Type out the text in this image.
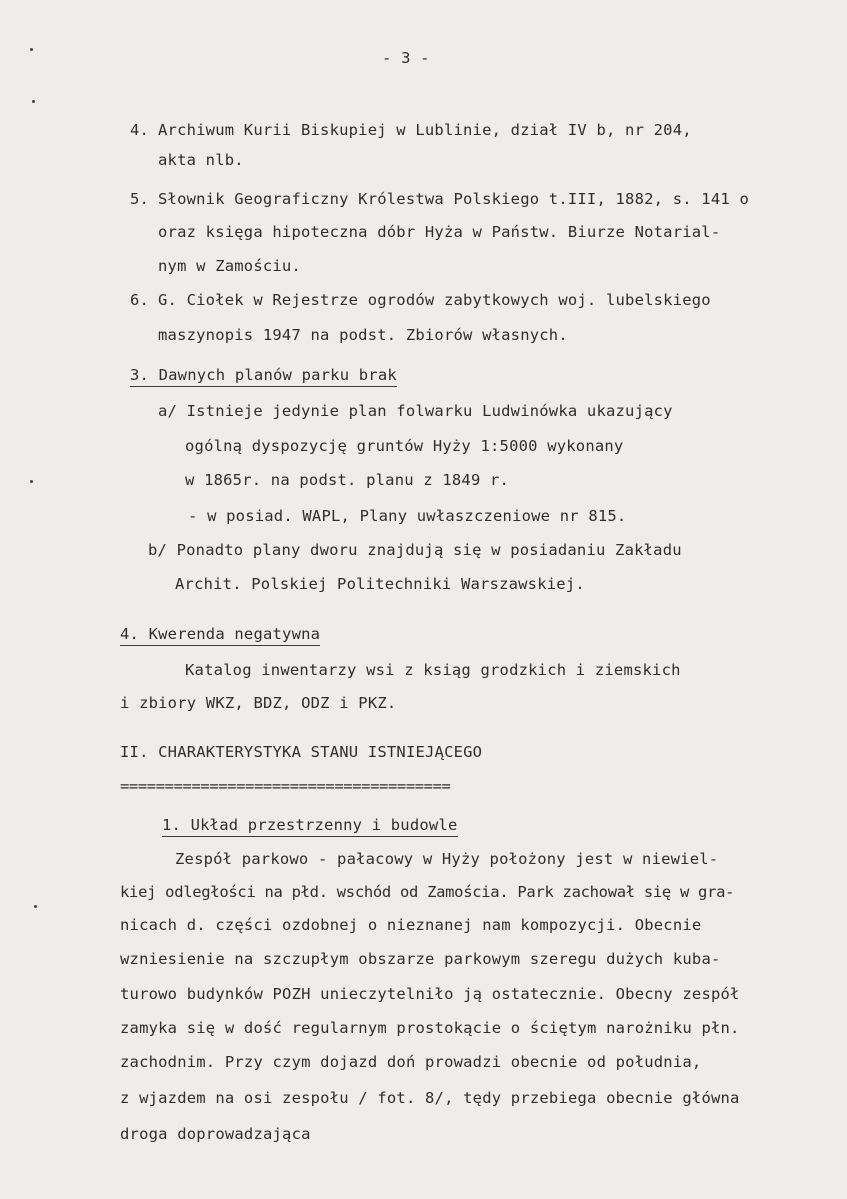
- 3 -
4. Archiwum Kurii Biskupiej w Lublinie, dział IV b, nr 204,
akta nlb.
5. Słownik Geograficzny Królestwa Polskiego t.III, 1882, s. 141 o
oraz księga hipoteczna dóbr Hyża w Państw. Biurze Notarial-
nym w Zamościu.
6. G. Ciołek w Rejestrze ogrodów zabytkowych woj. lubelskiego
maszynopis 1947 na podst. Zbiorów własnych.
3. Dawnych planów parku brak
a/ Istnieje jedynie plan folwarku Ludwinówka ukazujący
ogólną dyspozycję gruntów Hyży 1:5000 wykonany
w 1865r. na podst. planu z 1849 r.
- w posiad. WAPL, Plany uwłaszczeniowe nr 815.
b/ Ponadto plany dworu znajdują się w posiadaniu Zakładu
Archit. Polskiej Politechniki Warszawskiej.
4. Kwerenda negatywna
Katalog inwentarzy wsi z ksiąg grodzkich i ziemskich
i zbiory WKZ, BDZ, ODZ i PKZ.
II. CHARAKTERYSTYKA STANU ISTNIEJĄCEGO
=====================================
1. Układ przestrzenny i budowle
Zespół parkowo - pałacowy w Hyży położony jest w niewiel-
kiej odległości na płd. wschód od Zamościa. Park zachował się w gra-
nicach d. części ozdobnej o nieznanej nam kompozycji. Obecnie
wzniesienie na szczupłym obszarze parkowym szeregu dużych kuba-
turowo budynków POZH uniеczytelniło ją ostatecznie. Obecny zespół
zamyka się w dość regularnym prostokącie o ściętym narożniku płn.
zachodnim. Przy czym dojazd doń prowadzi obecnie od południa,
z wjazdem na osi zespołu / fot. 8/, tędy przebiega obecnie główna
droga doprowadzająca
